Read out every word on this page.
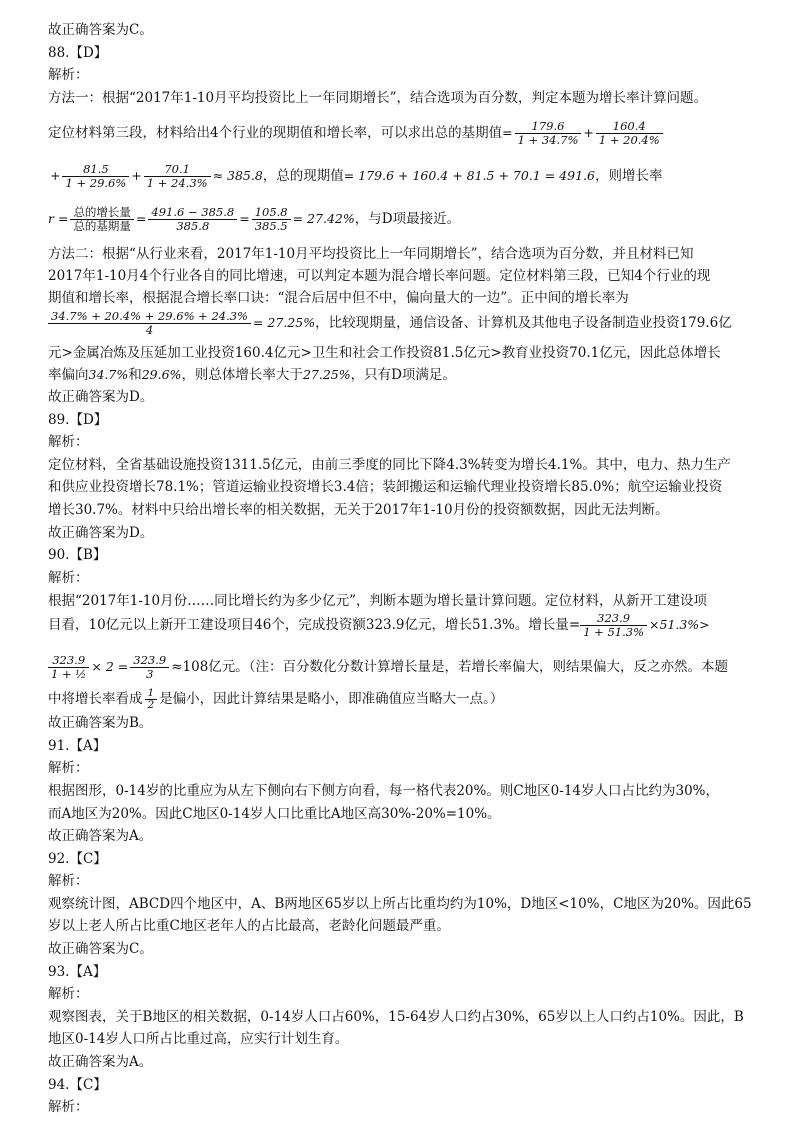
故正确答案为C。
88.【D】
解析：
方法一：根据“2017年1-10月平均投资比上一年同期增长”，结合选项为百分数，判定本题为增长率计算问题。
定位材料第三段，材料给出4个行业的现期值和增长率，可以求出总的基期值= $\frac{179.6}{1 + 34.7\%} + \frac{160.4}{1 + 20.4\%}$
+ $\frac{81.5}{1 + 29.6\%} + \frac{70.1}{1 + 24.3\%} \approx 385.8$，总的现期值= 179.6 + 160.4 + 81.5 + 70.1 = 491.6，则增长率
$r = \frac{\text{总的增长量}}{\text{总的基期量}} = \frac{491.6 - 385.8}{385.8} = \frac{105.8}{385.5} = 27.42\%$，与D项最接近。
方法二：根据“从行业来看，2017年1-10月平均投资比上一年同期增长”，结合选项为百分数，并且材料已知
2017年1-10月4个行业各自的同比增速，可以判定本题为混合增长率问题。定位材料第三段，已知4个行业的现
期值和增长率，根据混合增长率口诀：“混合后居中但不中，偏向量大的一边”。正中间的增长率为
$\frac{34.7\% + 20.4\% + 29.6\% + 24.3\%}{4} = 27.25\%$，比较现期量，通信设备、计算机及其他电子设备制造业投资179.6亿
元>金属冶炼及压延加工业投资160.4亿元>卫生和社会工作投资81.5亿元>教育业投资70.1亿元，因此总体增长
率偏向34.7%和29.6%，则总体增长率大于27.25%，只有D项满足。
故正确答案为D。
89.【D】
解析：
定位材料，全省基础设施投资1311.5亿元，由前三季度的同比下降4.3%转变为增长4.1%。其中，电力、热力生产
和供应业投资增长78.1%；管道运输业投资增长3.4倍；装卸搬运和运输代理业投资增长85.0%；航空运输业投资
增长30.7%。材料中只给出增长率的相关数据，无关于2017年1-10月份的投资额数据，因此无法判断。
故正确答案为D。
90.【B】
解析：
根据“2017年1-10月份……同比增长约为多少亿元”，判断本题为增长量计算问题。定位材料，从新开工建设项
目看，10亿元以上新开工建设项目46个，完成投资额323.9亿元，增长51.3%。增长量= $\frac{323.9}{1 + 51.3\%} \times 51.3\%>$
$\frac{323.9}{\text{1 + ½}} \times 2 = \frac{323.9}{3} \approx 108$亿元。（注：百分数化分数计算增长量是，若增长率偏大，则结果偏大，反之亦然。本题
中将增长率看成 $\frac{1}{2}$ 是偏小，因此计算结果是略小，即准确值应当略大一点。）
故正确答案为B。
91.【A】
解析：
根据图形，0-14岁的比重应为从左下侧向右下侧方向看，每一格代表20%。则C地区0-14岁人口占比约为30%，
而A地区为20%。因此C地区0-14岁人口比重比A地区高30%-20%=10%。
故正确答案为A。
92.【C】
解析：
观察统计图，ABCD四个地区中，A、B两地区65岁以上所占比重均约为10%，D地区<10%，C地区为20%。因此65
岁以上老人所占比重C地区老年人的占比最高，老龄化问题最严重。
故正确答案为C。
93.【A】
解析：
观察图表，关于B地区的相关数据，0-14岁人口占60%，15-64岁人口约占30%，65岁以上人口约占10%。因此，B
地区0-14岁人口所占比重过高，应实行计划生育。
故正确答案为A。
94.【C】
解析：
